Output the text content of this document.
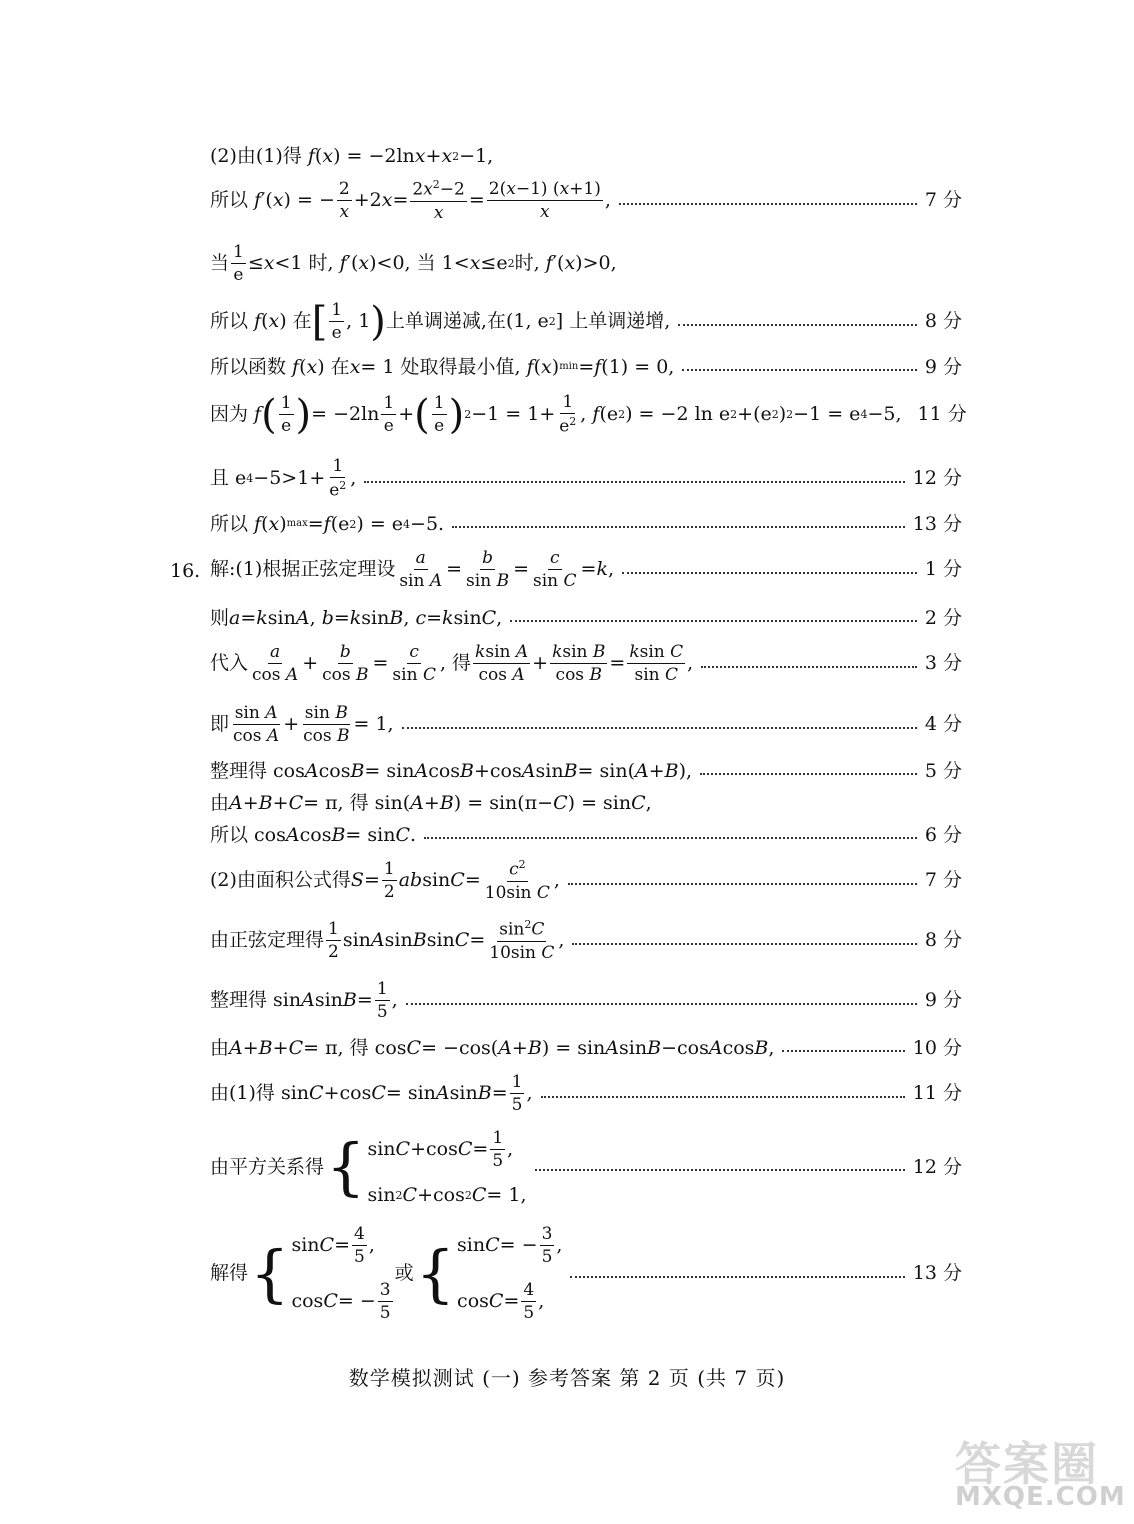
(2)由(1)得 f ( x ) = −2ln x + x 2 −1,
所以 f ′( x ) = − $\frac{2}{x} +2$ $x = \frac{2x^2-2}{x} = \frac{2(x-1) (x+1)}{x}$ ,	7 分
当 $\frac{1}{e} \le x <1$ 时, f ′( x )<0, 当 1< x ≤e 2 时, f ′( x )>0,
所以 f ( x ) 在 [ $\frac{1}{e}$ , 1 ) 上单调递减,在(1, e 2 ] 上单调递增,	8 分
所以函数 f ( x ) 在 x = 1 处取得最小值, f ( x ) min = f (1) = 0,	9 分
因为 f ( $\frac{1}{e}$ ) = $-2\ln \frac{1}{e}$ + ( $\frac{1}{e}$ ) $2 -1 = 1+ \frac{1}{e^2}$ , f (e 2 ) = −2 ln e 2 +(e 2 ) 2 −1 = e 4 −5, 11 分
且 e $4 -5>1+ \frac{1}{e^2}$ ,	12 分
所以 f ( x ) max = f (e 2 ) = e 4 −5.	13 分
16. 解:(1)根据正弦定理设 $\frac{a}{\text{sin A}} = \frac{b}{\text{sin B}} = \frac{c}{\text{sin C}} = k$ ,	1 分
则 a = k sin A , b = k sin B , c = k sin C ,	2 分
代入 $\frac{a}{\text{cos A}} + \frac{b}{\text{cos B}} = \frac{c}{\text{sin C}}$ , 得 $\frac{\text{ksin A}}{\text{cos A}} + \frac{\text{ksin B}}{\text{cos B}} = \frac{\text{ksin C}}{\text{sin C}}$ ,	3 分
即 $\frac{\text{sin A}}{\text{cos A}} + \frac{\text{sin B}}{\text{cos B}} = 1$,	4 分
整理得 cos A cos B = sin A cos B +cos A sin B = sin( A + B ),	5 分
由 A + B + C = π, 得 sin( A + B ) = sin(π− C ) = sin C ,
所以 cos A cos B = sin C .	6 分
(2)由面积公式得 $S = \frac{1}{2}$ ab $\sin C = \frac{c^2}{\text{10sin C}}$ ,	7 分
由正弦定理得 $\frac{1}{2}$ sin A sin B $\sin C = \frac{\sin^2C}{\text{10sin C}}$ ,	8 分
整理得 sin A $\sin B = \frac{1}{5}$ ,	9 分
由 A + B + C = π, 得 cos C = −cos( A + B ) = sin A sin B −cos A cos B ,	10 分
由(1)得 sin C +cos C = sin A $\sin B = \frac{1}{5}$ ,	11 分
由平方关系得 { sin C +cos $C = \frac{1}{5}$ ,
sin 2 C +cos 2 C = 1,
12 分
解得 { $\sin C = \frac{4}{5}$ ,
cos C = − $\frac{3}{5}$
或 { sin C = − $\frac{3}{5}$ ,
$\cos C = \frac{4}{5}$ ,
13 分
数学模拟测试 (一) 参考答案 第 2 页 (共 7 页)
答案圈
MXQE.COM
